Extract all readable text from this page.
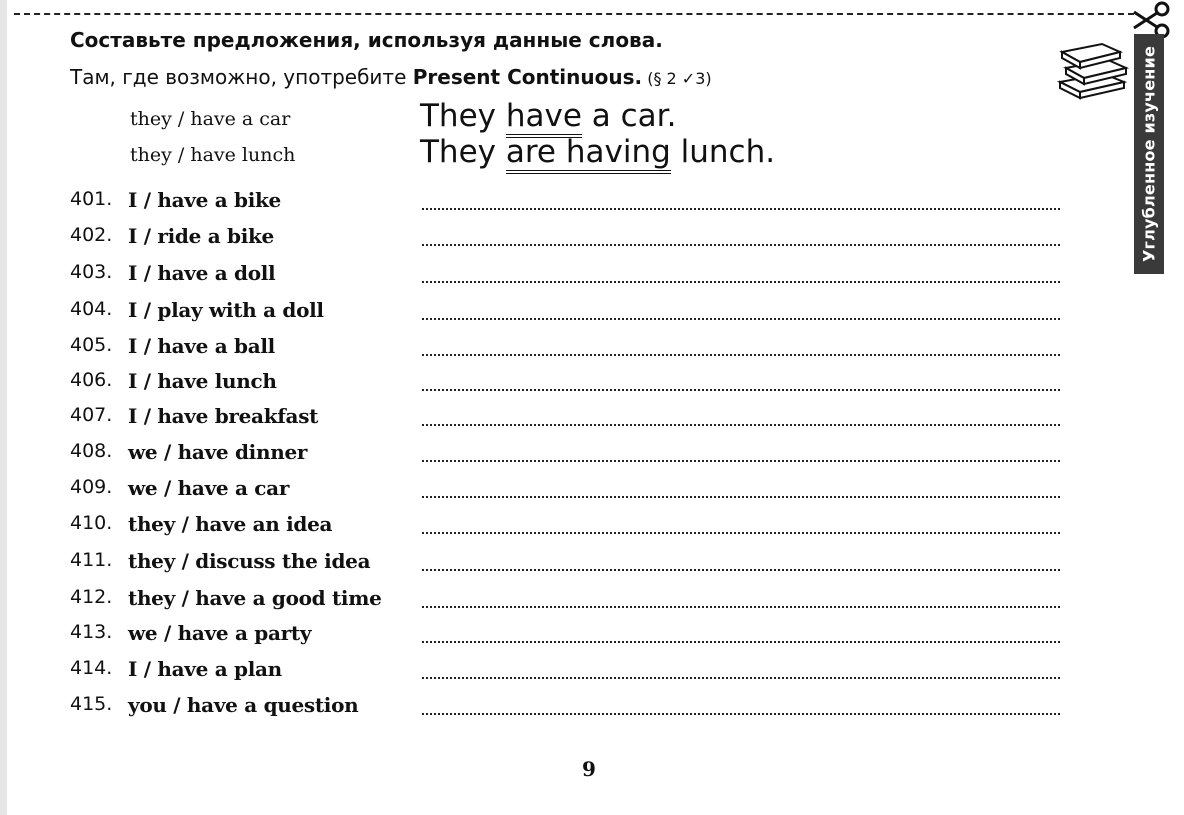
Углубленное изучение
Составьте предложения, используя данные слова.
Там, где возможно, употребите Present Continuous. (§ 2 ✓3)
they / have a car	They have a car.
they / have lunch	They are having lunch.
401. I / have a bike
402. I / ride a bike
403. I / have a doll
404. I / play with a doll
405. I / have a ball
406. I / have lunch
407. I / have breakfast
408. we / have dinner
409. we / have a car
410. they / have an idea
411. they / discuss the idea
412. they / have a good time
413. we / have a party
414. I / have a plan
415. you / have a question
9
